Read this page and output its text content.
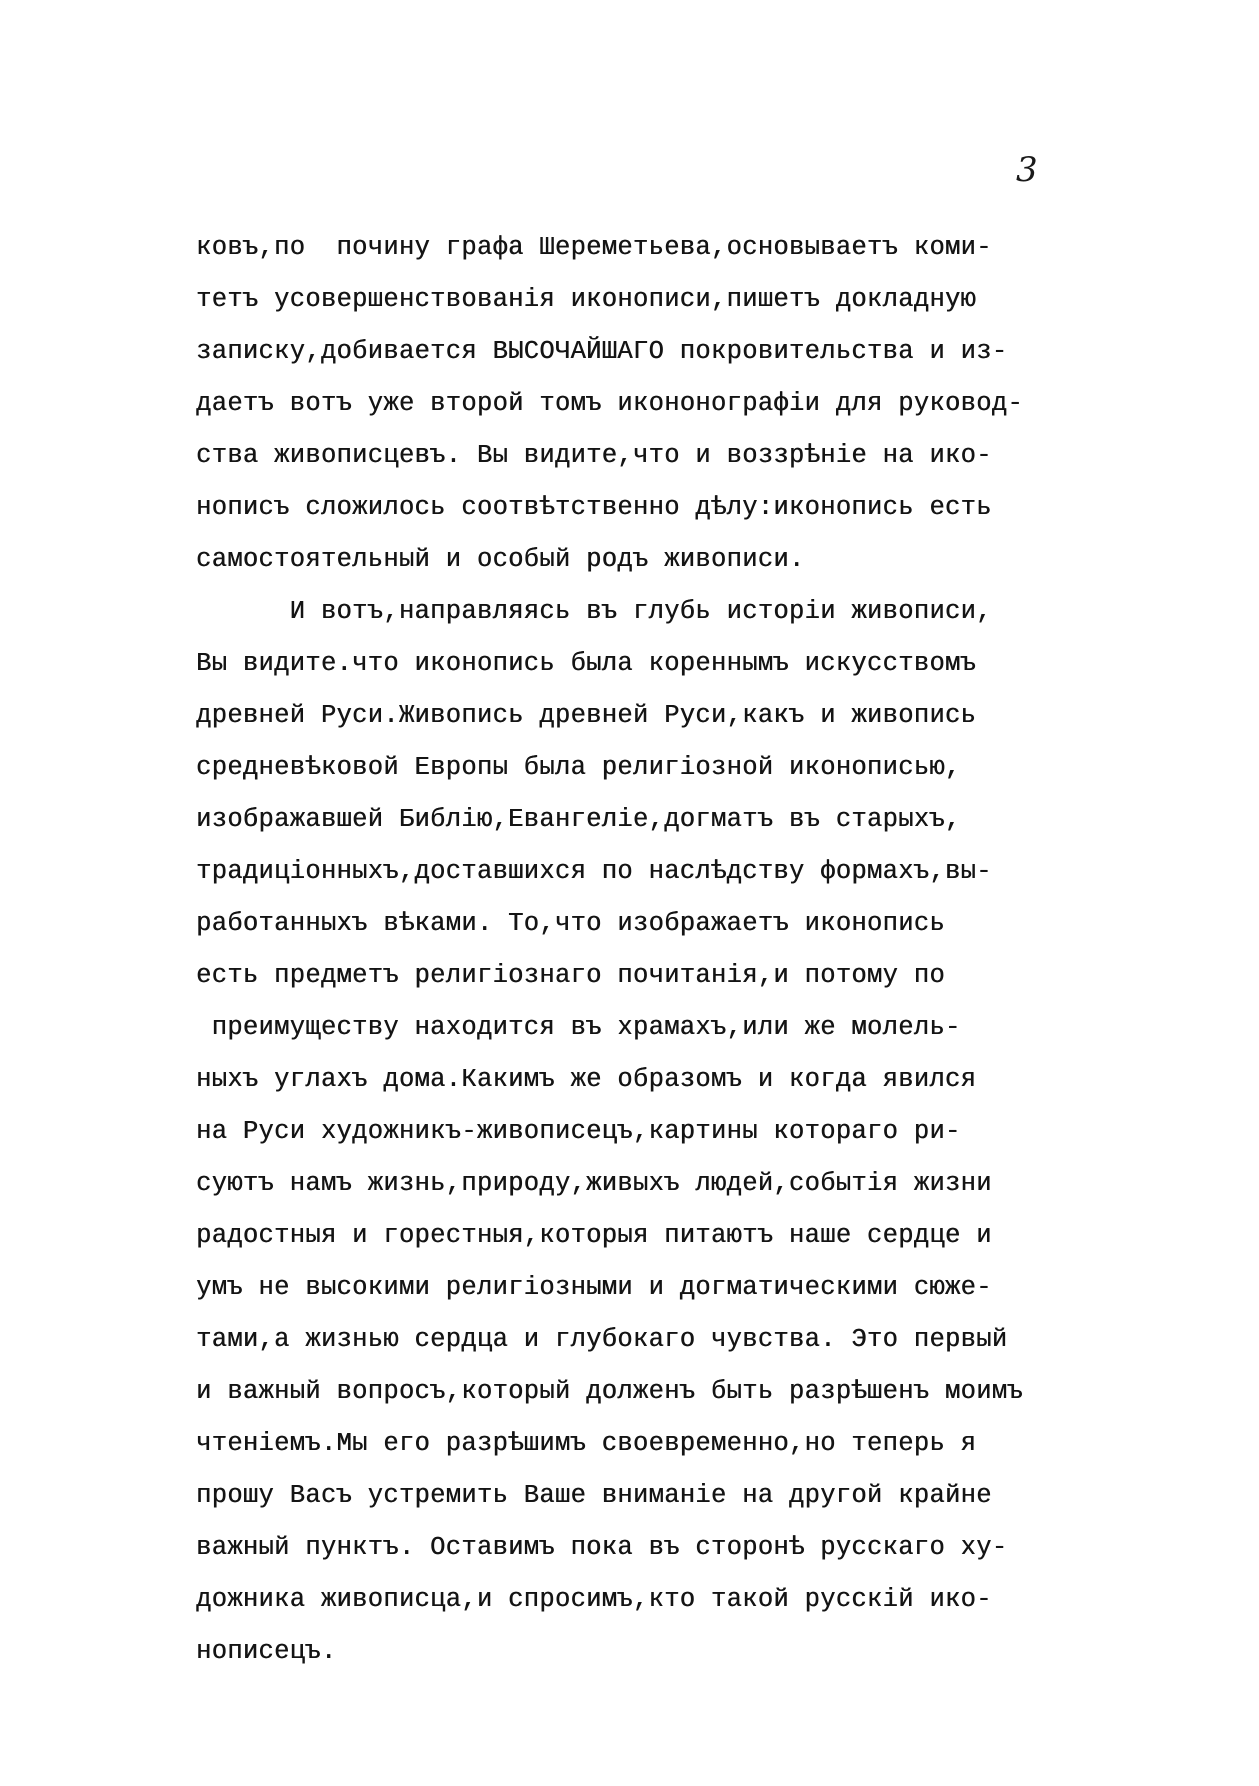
3
ковъ,по  почину графа Шереметьева,основываетъ коми-
тетъ усовершенствованія иконописи,пишетъ докладную
записку,добивается ВЫСОЧАЙШАГО покровительства и из-
даетъ вотъ уже второй томъ икононографіи для руковод-
ства живописцевъ. Вы видите,что и воззрѣніе на ико-
нописъ сложилось соотвѣтственно дѣлу:иконопись есть
самостоятельный и особый родъ живописи.
И вотъ,направляясь въ глубь исторіи живописи,
Вы видите.что иконопись была кореннымъ искусствомъ
древней Руси.Живопись древней Руси,какъ и живопись
средневѣковой Европы была религіозной иконописью,
изображавшей Библію,Евангеліе,догматъ въ старыхъ,
традиціонныхъ,доставшихся по наслѣдству формахъ,вы-
работанныхъ вѣками. То,что изображаетъ иконопись
есть предметъ религіознаго почитанія,и потому по
преимуществу находится въ храмахъ,или же молель-
ныхъ углахъ дома.Какимъ же образомъ и когда явился
на Руси художникъ-живописецъ,картины котораго ри-
суютъ намъ жизнь,природу,живыхъ людей,событія жизни
радостныя и горестныя,которыя питаютъ наше сердце и
умъ не высокими религіозными и догматическими сюже-
тами,а жизнью сердца и глубокаго чувства. Это первый
и важный вопросъ,который долженъ быть разрѣшенъ моимъ
чтеніемъ.Мы его разрѣшимъ своевременно,но теперь я
прошу Васъ устремить Ваше вниманіе на другой крайне
важный пунктъ. Оставимъ пока въ сторонѣ русскаго ху-
дожника живописца,и спросимъ,кто такой русскій ико-
нописецъ.
